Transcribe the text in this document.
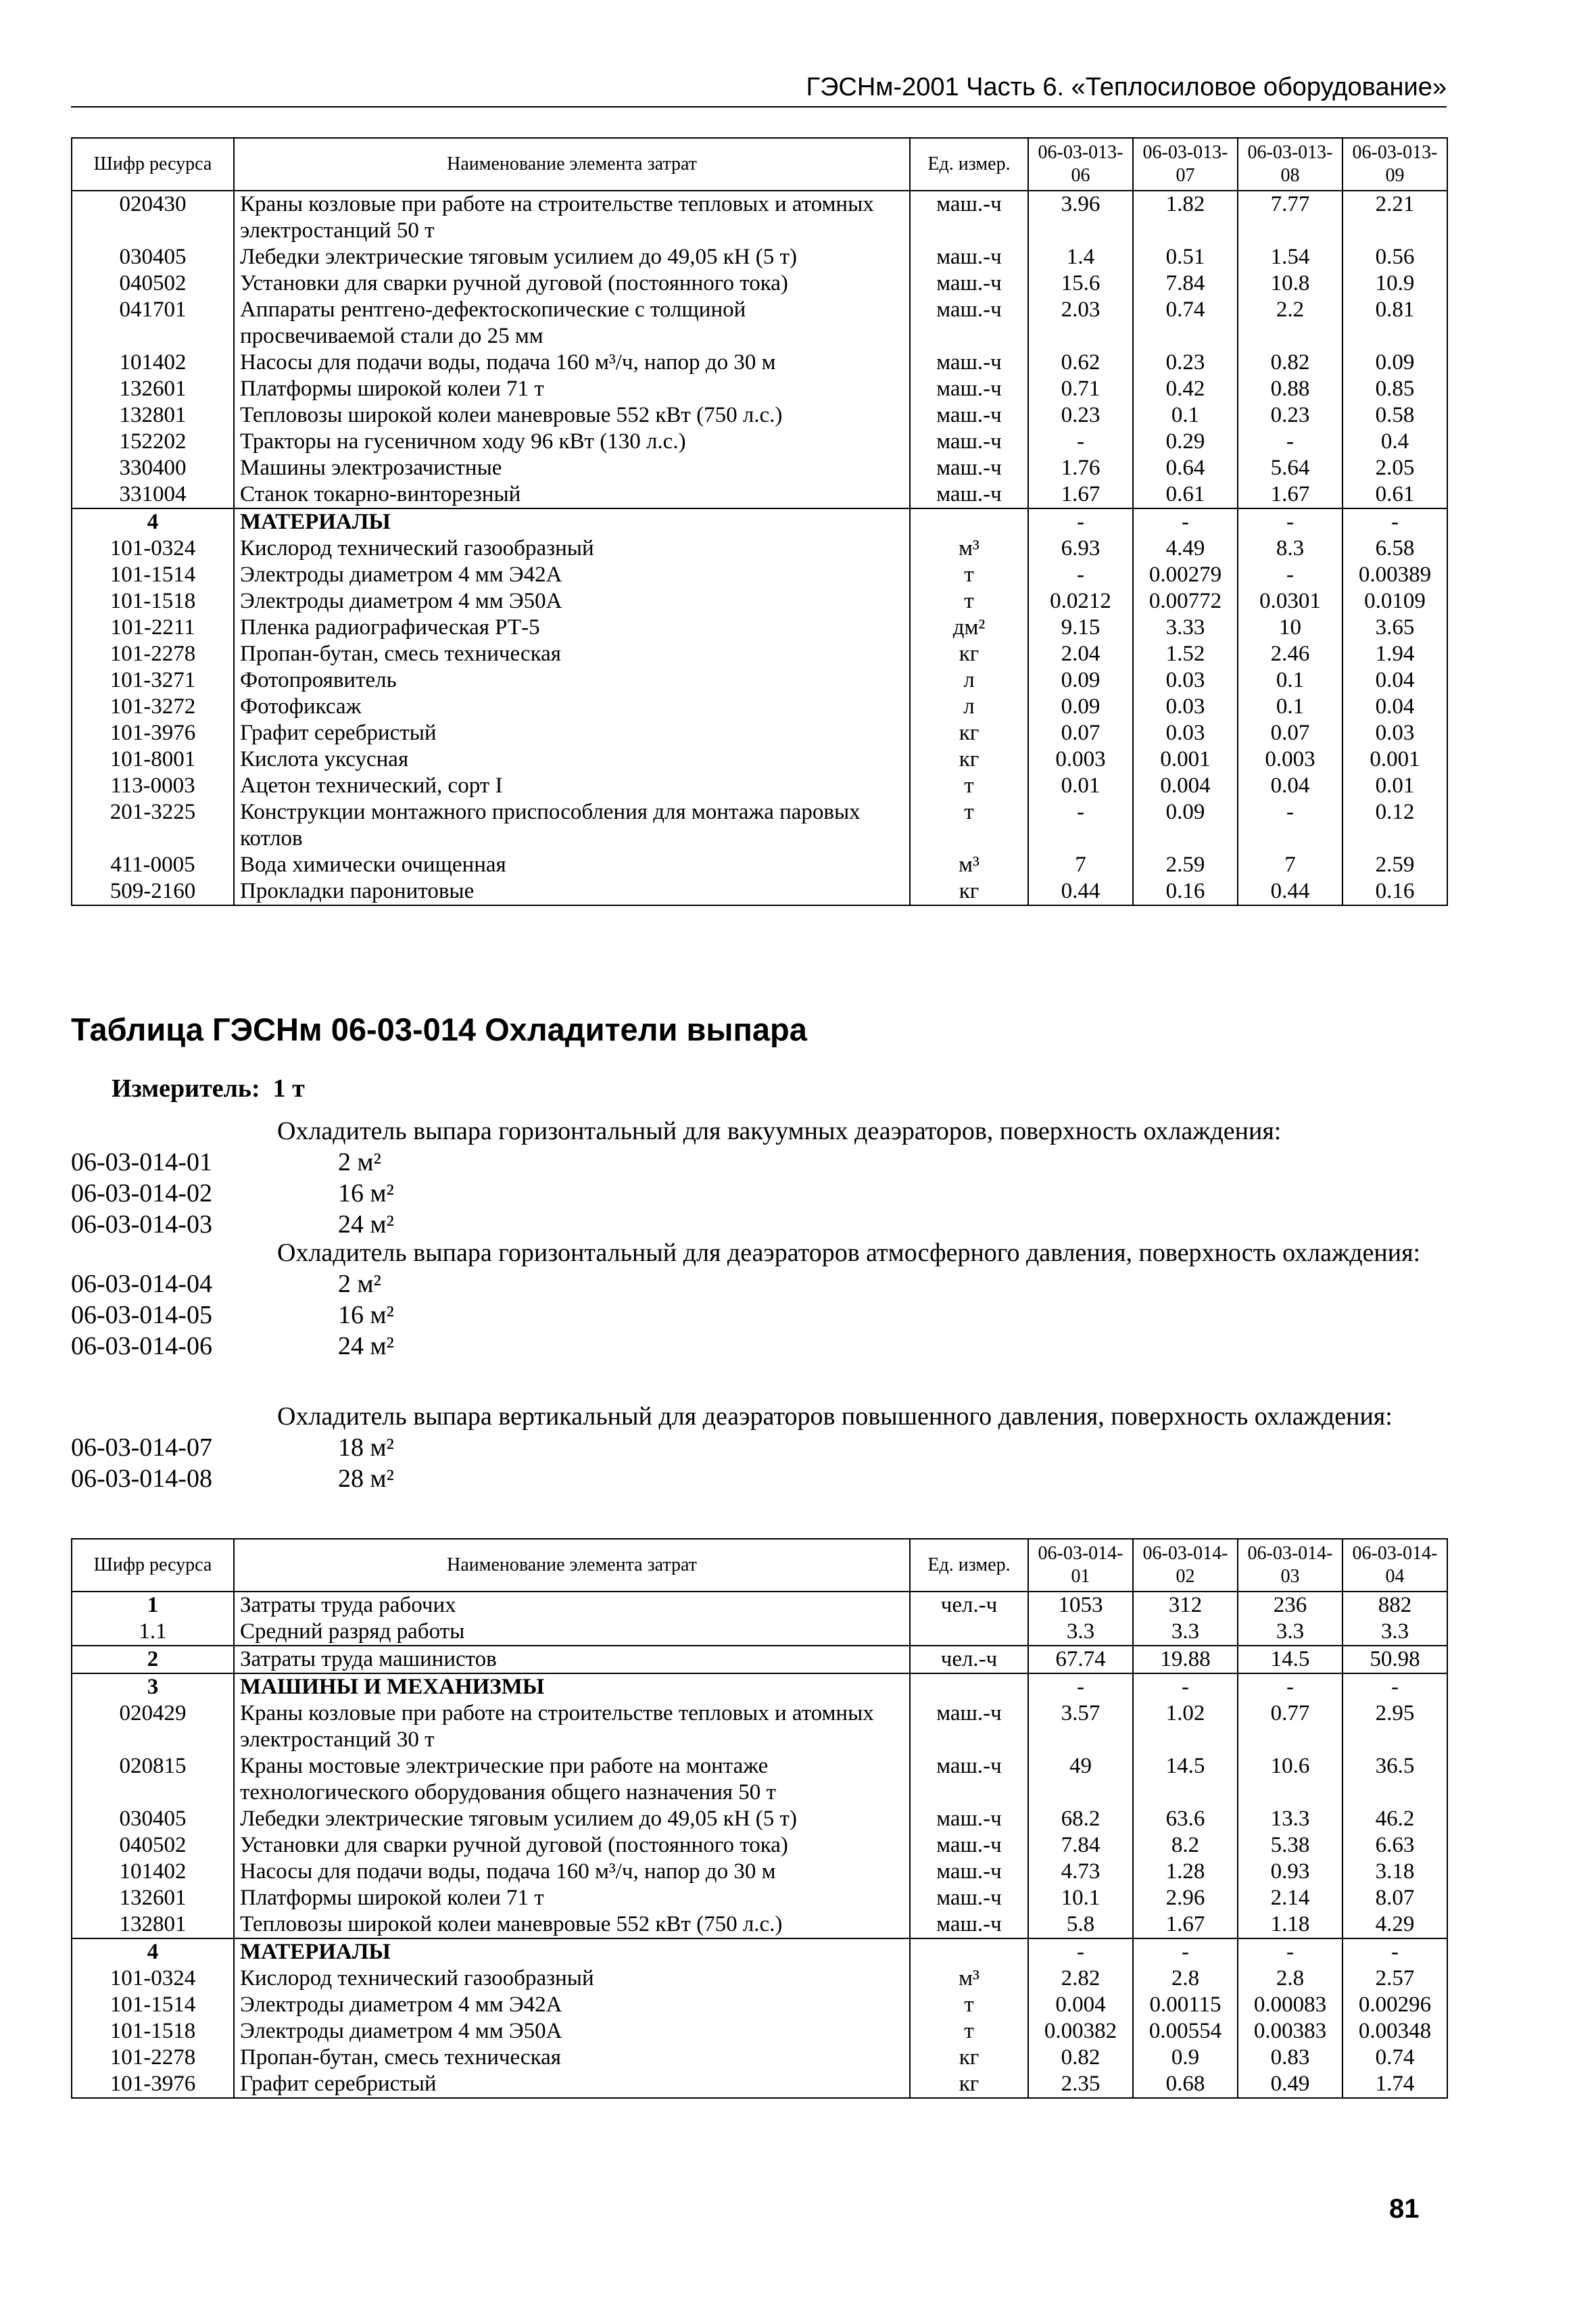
ГЭСНм-2001 Часть 6. «Теплосиловое оборудование»
Шифр ресурса	Наименование элемента затрат	Ед. измер.	06-03-013-06	06-03-013-07	06-03-013-08	06-03-013-09
020430	Краны козловые при работе на строительстве тепловых и атомных электростанций 50 т	маш.-ч	3.96	1.82	7.77	2.21
030405	Лебедки электрические тяговым усилием до 49,05 кН (5 т)	маш.-ч	1.4	0.51	1.54	0.56
040502	Установки для сварки ручной дуговой (постоянного тока)	маш.-ч	15.6	7.84	10.8	10.9
041701	Аппараты рентгено-дефектоскопические с толщиной просвечиваемой стали до 25 мм	маш.-ч	2.03	0.74	2.2	0.81
101402	Насосы для подачи воды, подача 160 м³/ч, напор до 30 м	маш.-ч	0.62	0.23	0.82	0.09
132601	Платформы широкой колеи 71 т	маш.-ч	0.71	0.42	0.88	0.85
132801	Тепловозы широкой колеи маневровые 552 кВт (750 л.с.)	маш.-ч	0.23	0.1	0.23	0.58
152202	Тракторы на гусеничном ходу 96 кВт (130 л.с.)	маш.-ч	-	0.29	-	0.4
330400	Машины электрозачистные	маш.-ч	1.76	0.64	5.64	2.05
331004	Станок токарно-винторезный	маш.-ч	1.67	0.61	1.67	0.61
4	МАТЕРИАЛЫ		-	-	-	-
101-0324	Кислород технический газообразный	м³	6.93	4.49	8.3	6.58
101-1514	Электроды диаметром 4 мм Э42А	т	-	0.00279	-	0.00389
101-1518	Электроды диаметром 4 мм Э50А	т	0.0212	0.00772	0.0301	0.0109
101-2211	Пленка радиографическая РТ-5	дм²	9.15	3.33	10	3.65
101-2278	Пропан-бутан, смесь техническая	кг	2.04	1.52	2.46	1.94
101-3271	Фотопроявитель	л	0.09	0.03	0.1	0.04
101-3272	Фотофиксаж	л	0.09	0.03	0.1	0.04
101-3976	Графит серебристый	кг	0.07	0.03	0.07	0.03
101-8001	Кислота уксусная	кг	0.003	0.001	0.003	0.001
113-0003	Ацетон технический, сорт I	т	0.01	0.004	0.04	0.01
201-3225	Конструкции монтажного приспособления для монтажа паровых котлов	т	-	0.09	-	0.12
411-0005	Вода химически очищенная	м³	7	2.59	7	2.59
509-2160	Прокладки паронитовые	кг	0.44	0.16	0.44	0.16
Таблица ГЭСНм 06-03-014 Охладители выпара
Измеритель: 1 т
Охладитель выпара горизонтальный для вакуумных деаэраторов, поверхность охлаждения:
06-03-014-01	2 м²
06-03-014-02	16 м²
06-03-014-03	24 м²
Охладитель выпара горизонтальный для деаэраторов атмосферного давления, поверхность охлаждения:
06-03-014-04	2 м²
06-03-014-05	16 м²
06-03-014-06	24 м²
Охладитель выпара вертикальный для деаэраторов повышенного давления, поверхность охлаждения:
06-03-014-07	18 м²
06-03-014-08	28 м²
Шифр ресурса	Наименование элемента затрат	Ед. измер.	06-03-014-01	06-03-014-02	06-03-014-03	06-03-014-04
1	Затраты труда рабочих	чел.-ч	1053	312	236	882
1.1	Средний разряд работы		3.3	3.3	3.3	3.3
2	Затраты труда машинистов	чел.-ч	67.74	19.88	14.5	50.98
3	МАШИНЫ И МЕХАНИЗМЫ		-	-	-	-
020429	Краны козловые при работе на строительстве тепловых и атомных электростанций 30 т	маш.-ч	3.57	1.02	0.77	2.95
020815	Краны мостовые электрические при работе на монтаже технологического оборудования общего назначения 50 т	маш.-ч	49	14.5	10.6	36.5
030405	Лебедки электрические тяговым усилием до 49,05 кН (5 т)	маш.-ч	68.2	63.6	13.3	46.2
040502	Установки для сварки ручной дуговой (постоянного тока)	маш.-ч	7.84	8.2	5.38	6.63
101402	Насосы для подачи воды, подача 160 м³/ч, напор до 30 м	маш.-ч	4.73	1.28	0.93	3.18
132601	Платформы широкой колеи 71 т	маш.-ч	10.1	2.96	2.14	8.07
132801	Тепловозы широкой колеи маневровые 552 кВт (750 л.с.)	маш.-ч	5.8	1.67	1.18	4.29
4	МАТЕРИАЛЫ		-	-	-	-
101-0324	Кислород технический газообразный	м³	2.82	2.8	2.8	2.57
101-1514	Электроды диаметром 4 мм Э42А	т	0.004	0.00115	0.00083	0.00296
101-1518	Электроды диаметром 4 мм Э50А	т	0.00382	0.00554	0.00383	0.00348
101-2278	Пропан-бутан, смесь техническая	кг	0.82	0.9	0.83	0.74
101-3976	Графит серебристый	кг	2.35	0.68	0.49	1.74
81
